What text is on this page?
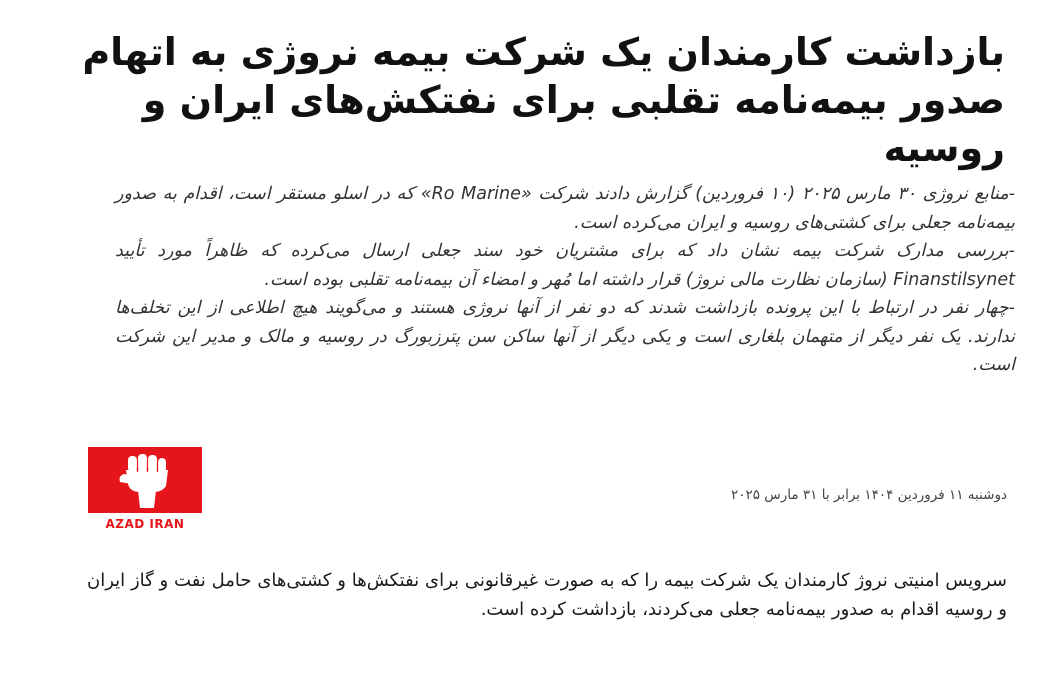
بازداشت کارمندان یک شرکت بیمه نروژی به اتهام صدور بیمه‌نامه تقلبی برای نفتکش‌های ایران و روسیه

-منابع نروژی ۳۰ مارس ۲۰۲۵ (۱۰ فروردین) گزارش دادند شرکت «Ro Marine» که در اسلو مستقر است، اقدام به صدور بیمه‌نامه جعلی برای کشتی‌های روسیه و ایران می‌کرده است.

-بررسی مدارک شرکت بیمه نشان داد که برای مشتریان خود سند جعلی ارسال می‌کرده که ظاهراً مورد تأیید Finanstilsynet (سازمان نظارت مالی نروژ) قرار داشته اما مُهر و امضاء آن بیمه‌نامه تقلبی بوده است.

-چهار نفر در ارتباط با این پرونده بازداشت شدند که دو نفر از آنها نروژی هستند و می‌گویند هیچ اطلاعی از این تخلف‌ها ندارند. یک نفر دیگر از متهمان بلغاری است و یکی دیگر از آنها ساکن سن پترزبورگ در روسیه و مالک و مدیر این شرکت است.

AZAD IRAN
دوشنبه ۱۱ فروردین ۱۴۰۴ برابر با ۳۱ مارس ۲۰۲۵

سرویس امنیتی نروژ کارمندان یک شرکت بیمه را که به صورت غیرقانونی برای نفتکش‌ها و کشتی‌های حامل نفت و گاز ایران و روسیه اقدام به صدور بیمه‌نامه جعلی می‌کردند، بازداشت کرده است.
